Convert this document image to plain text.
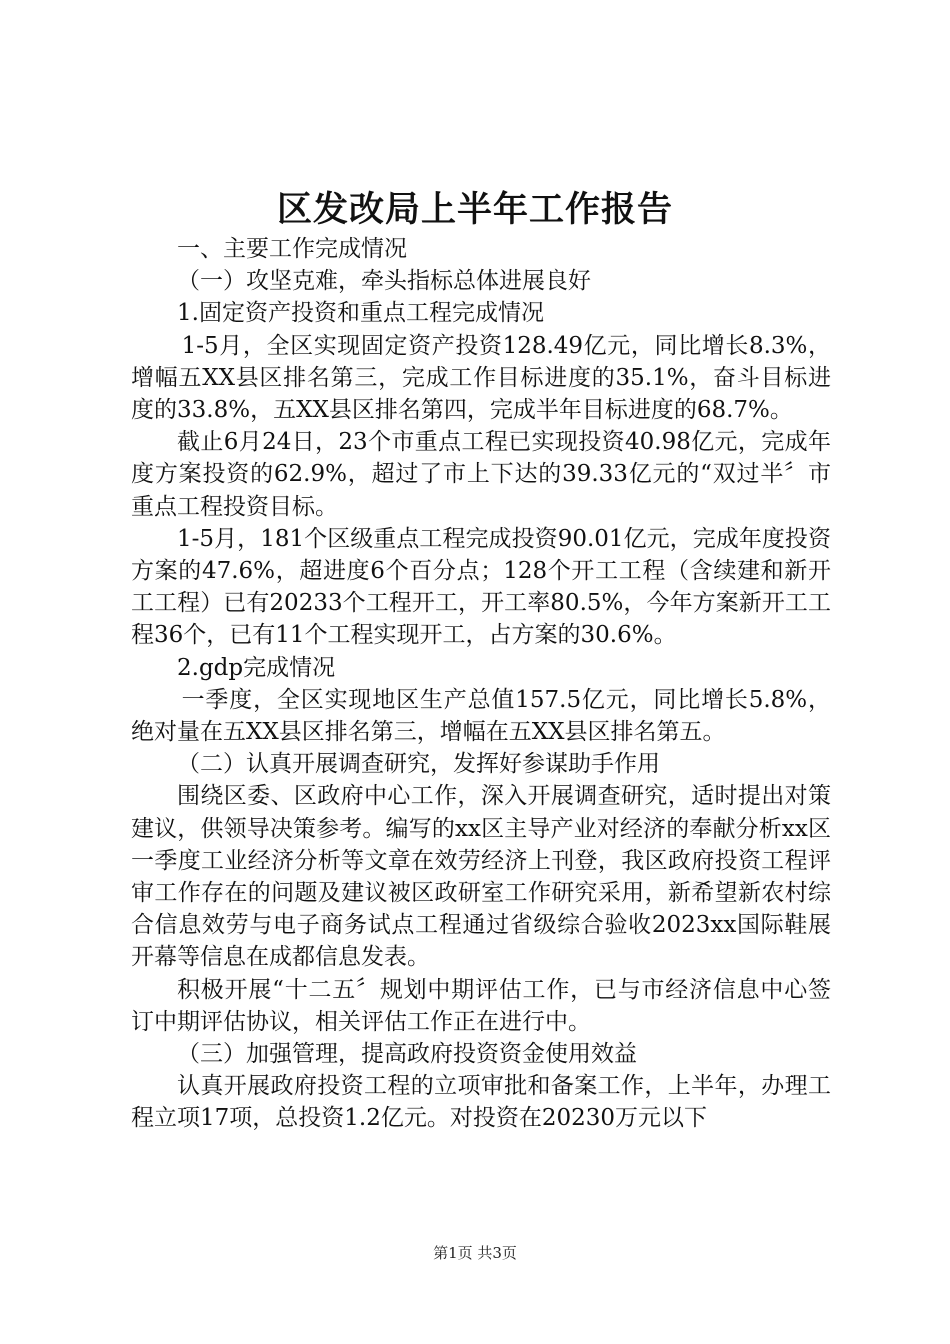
区发改局上半年工作报告

一、主要工作完成情况

（一）攻坚克难，牵头指标总体进展良好

1.固定资产投资和重点工程完成情况

1-5月，全区实现固定资产投资128.49亿元，同比增长8.3%，增幅五XX县区排名第三，完成工作目标进度的35.1%，奋斗目标进度的33.8%，五XX县区排名第四，完成半年目标进度的68.7%。

截止6月24日，23个市重点工程已实现投资40.98亿元，完成年度方案投资的62.9%，超过了市上下达的39.33亿元的“双过半〞市重点工程投资目标。

1-5月，181个区级重点工程完成投资90.01亿元，完成年度投资方案的47.6%，超进度6个百分点；128个开工工程（含续建和新开工工程）已有20233个工程开工，开工率80.5%，今年方案新开工工程36个，已有11个工程实现开工，占方案的30.6%。

2.gdp完成情况

一季度，全区实现地区生产总值157.5亿元，同比增长5.8%，绝对量在五XX县区排名第三，增幅在五XX县区排名第五。

（二）认真开展调查研究，发挥好参谋助手作用

围绕区委、区政府中心工作，深入开展调查研究，适时提出对策建议，供领导决策参考。编写的xx区主导产业对经济的奉献分析xx区一季度工业经济分析等文章在效劳经济上刊登，我区政府投资工程评审工作存在的问题及建议被区政研室工作研究采用，新希望新农村综合信息效劳与电子商务试点工程通过省级综合验收2023xx国际鞋展开幕等信息在成都信息发表。

积极开展“十二五〞规划中期评估工作，已与市经济信息中心签订中期评估协议，相关评估工作正在进行中。

（三）加强管理，提高政府投资资金使用效益

认真开展政府投资工程的立项审批和备案工作，上半年，办理工程立项17项，总投资1.2亿元。对投资在20230万元以下

第1页 共3页
